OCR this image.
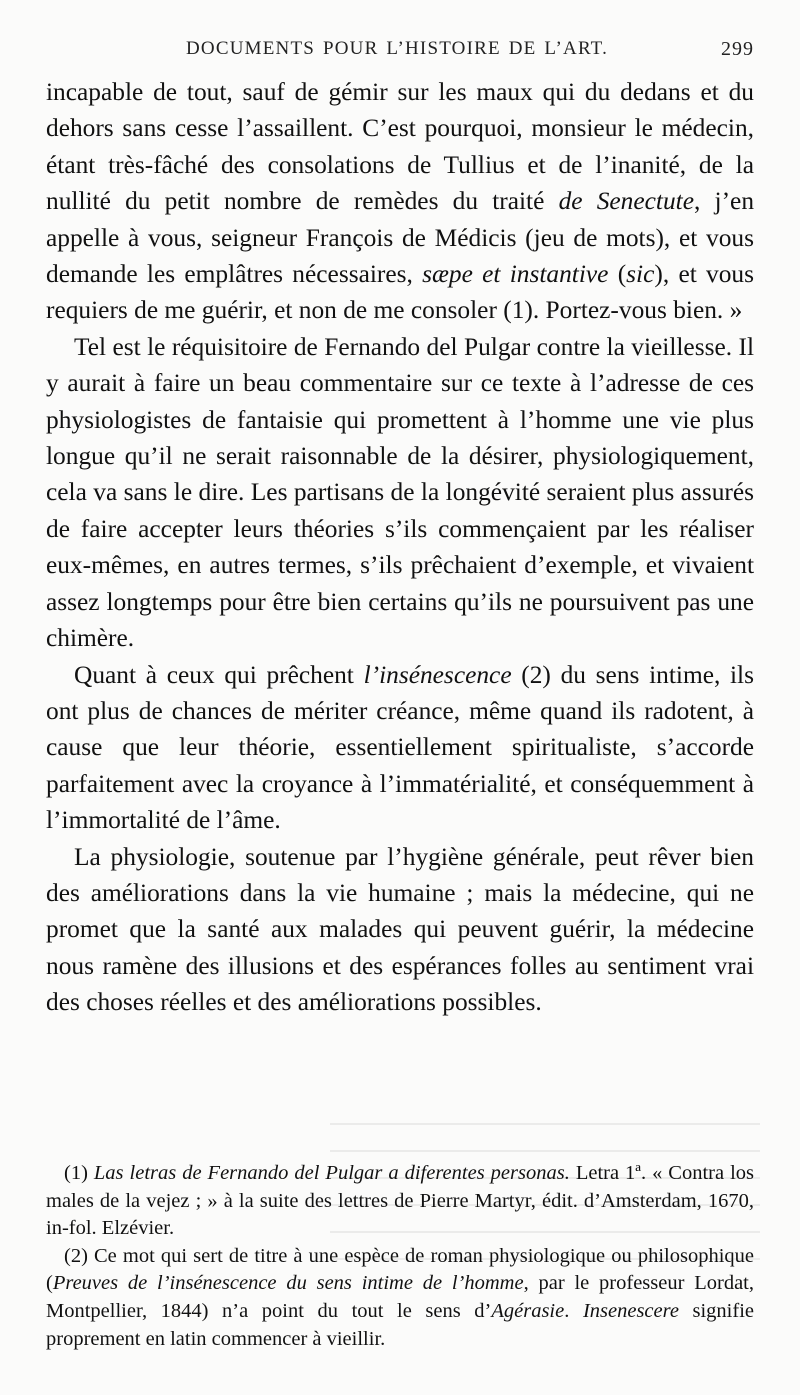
DOCUMENTS POUR L’HISTOIRE DE L’ART.	299

incapable de tout, sauf de gémir sur les maux qui du dedans et du dehors sans cesse l’assaillent. C’est pourquoi, monsieur le médecin, étant très-fâché des consolations de Tullius et de l’inanité, de la nullité du petit nombre de remèdes du traité de Senectute, j’en appelle à vous, seigneur François de Médicis (jeu de mots), et vous demande les emplâtres nécessaires, sæpe et instantive (sic), et vous requiers de me guérir, et non de me consoler (1). Portez-vous bien. »

Tel est le réquisitoire de Fernando del Pulgar contre la vieillesse. Il y aurait à faire un beau commentaire sur ce texte à l’adresse de ces physiologistes de fantaisie qui promettent à l’homme une vie plus longue qu’il ne serait raisonnable de la désirer, physiologiquement, cela va sans le dire. Les partisans de la longévité seraient plus assurés de faire accepter leurs théories s’ils commençaient par les réaliser eux-mêmes, en autres termes, s’ils prêchaient d’exemple, et vivaient assez longtemps pour être bien certains qu’ils ne poursuivent pas une chimère.

Quant à ceux qui prêchent l’insénescence (2) du sens intime, ils ont plus de chances de mériter créance, même quand ils radotent, à cause que leur théorie, essentiellement spiritualiste, s’accorde parfaitement avec la croyance à l’immatérialité, et conséquemment à l’immortalité de l’âme.

La physiologie, soutenue par l’hygiène générale, peut rêver bien des améliorations dans la vie humaine ; mais la médecine, qui ne promet que la santé aux malades qui peuvent guérir, la médecine nous ramène des illusions et des espérances folles au sentiment vrai des choses réelles et des améliorations possibles.

(1) Las letras de Fernando del Pulgar a diferentes personas. Letra 1ª. « Contra los males de la vejez ; » à la suite des lettres de Pierre Martyr, édit. d’Amsterdam, 1670, in-fol. Elzévier.

(2) Ce mot qui sert de titre à une espèce de roman physiologique ou philosophique (Preuves de l’insénescence du sens intime de l’homme, par le professeur Lordat, Montpellier, 1844) n’a point du tout le sens d’Agérasie. Insenescere signifie proprement en latin commencer à vieillir.
